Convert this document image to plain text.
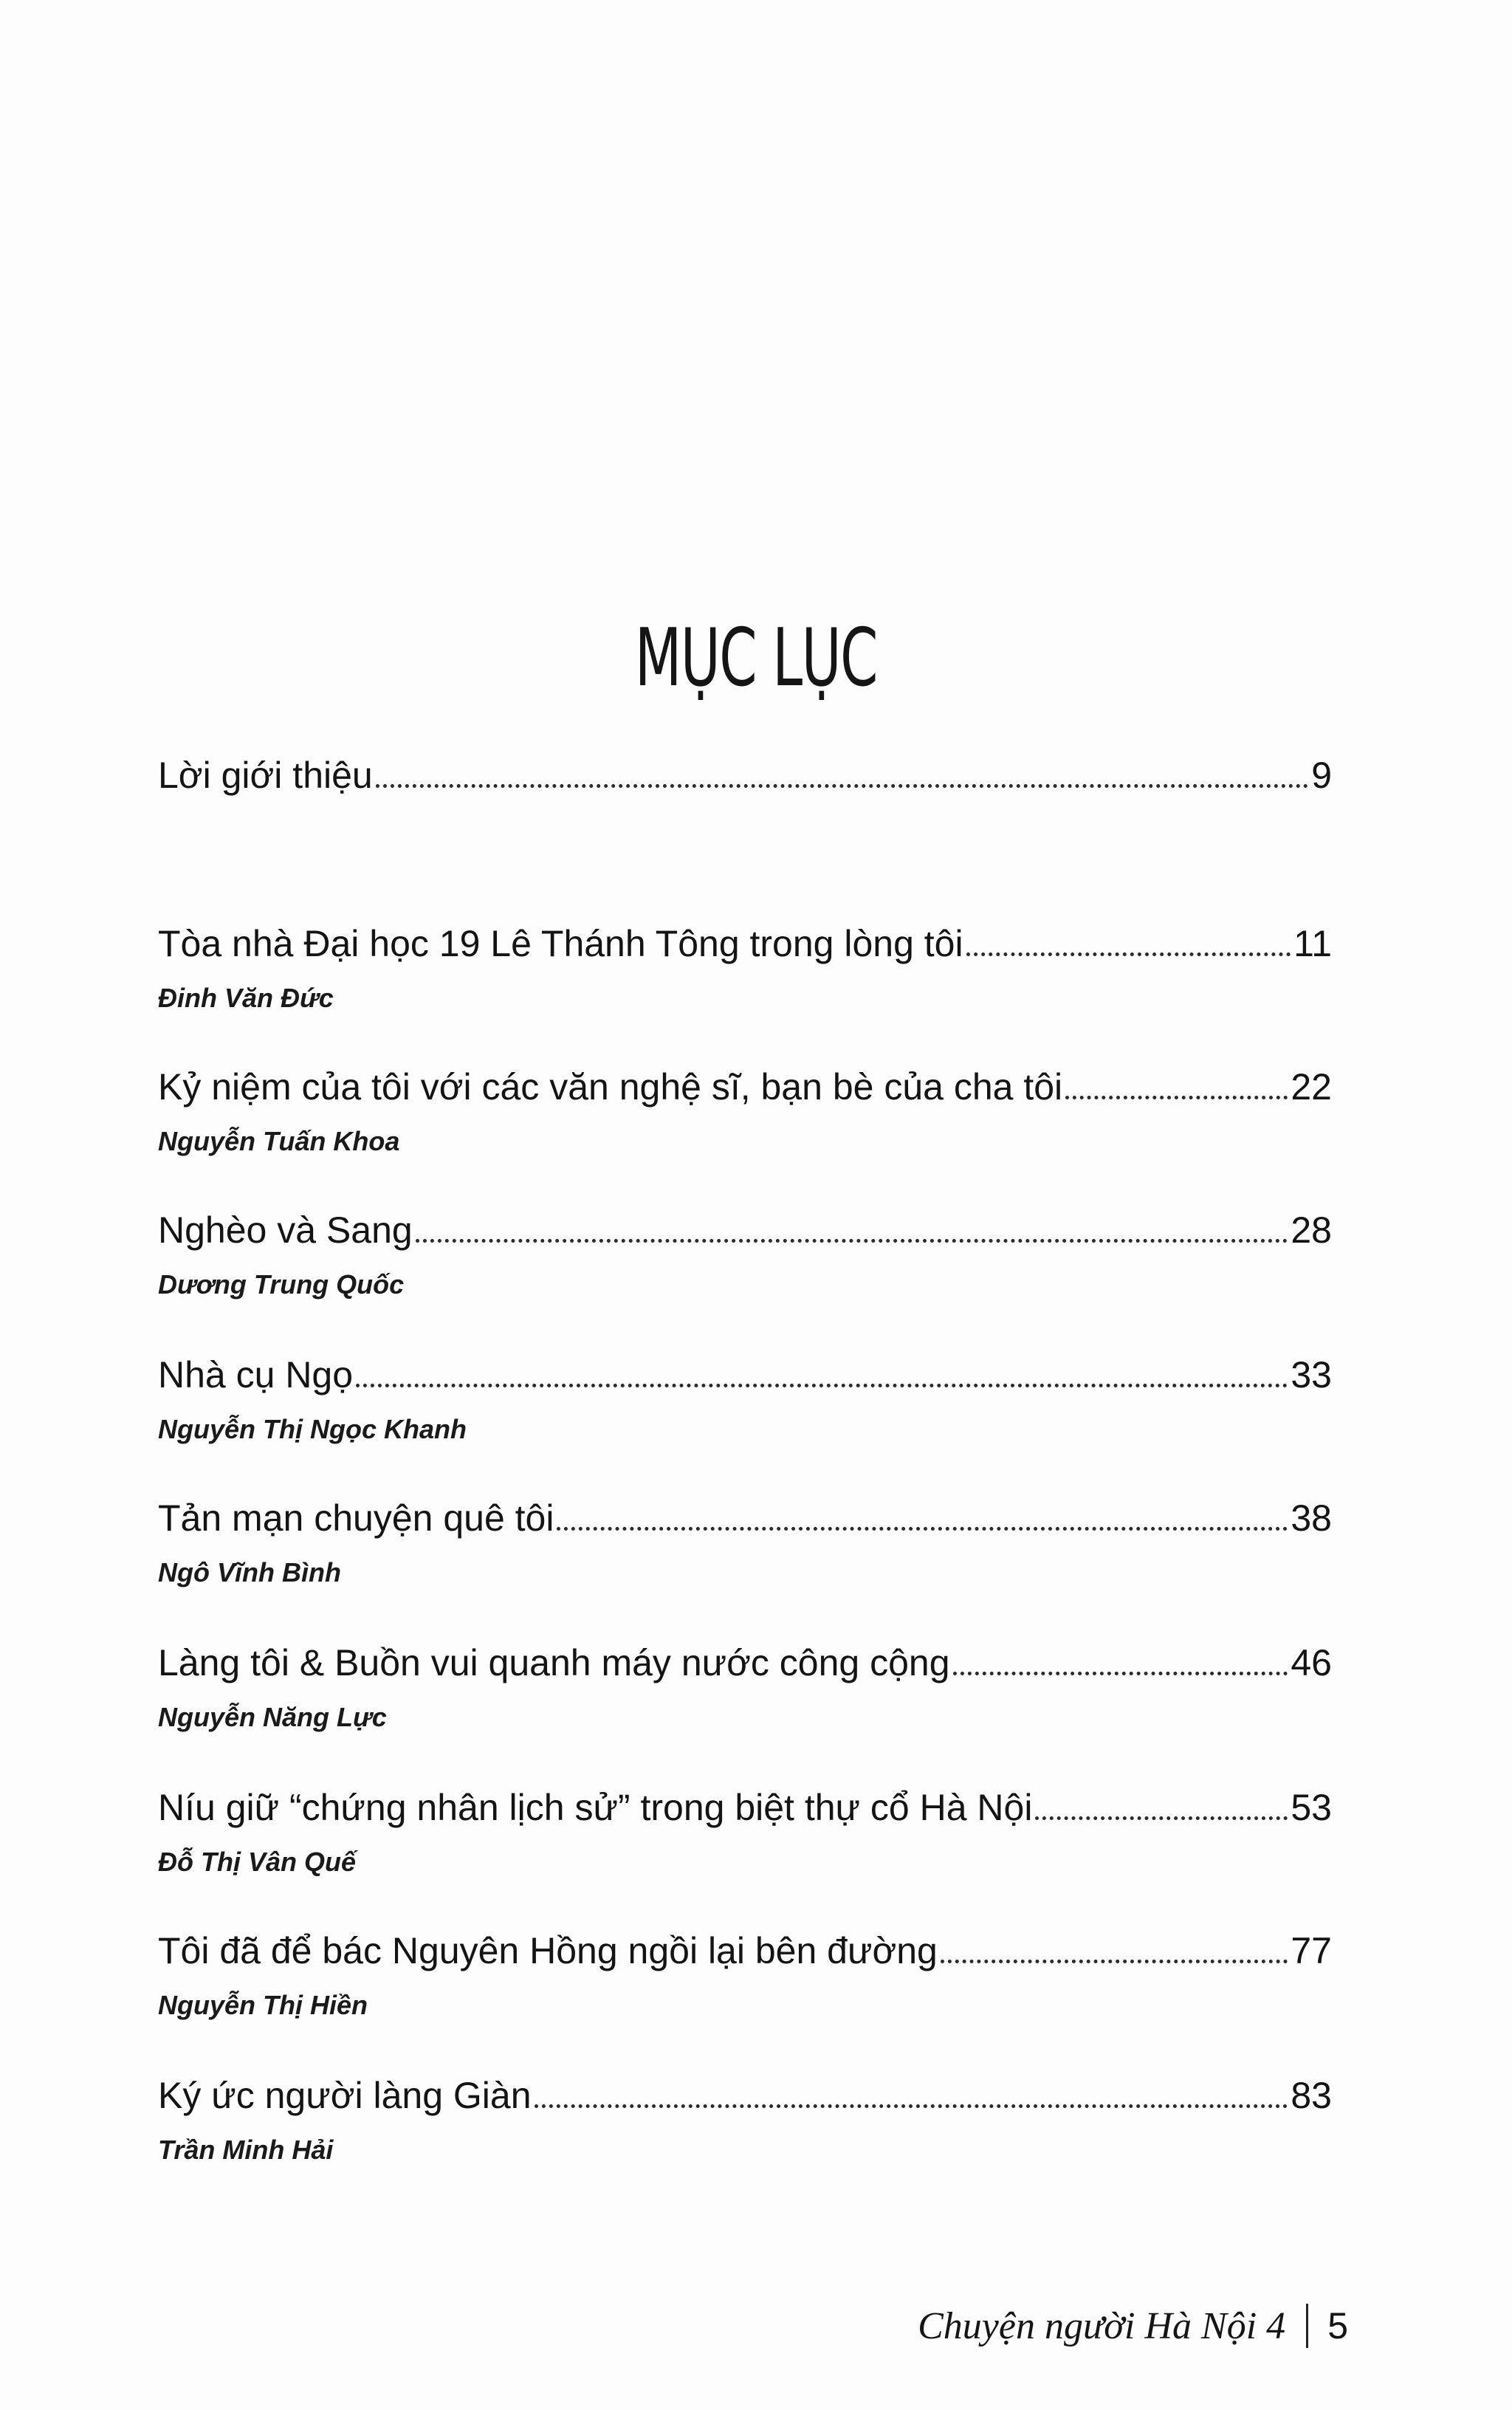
MỤC LỤC
Lời giới thiệu	9
Tòa nhà Đại học 19 Lê Thánh Tông trong lòng tôi	11
Đinh Văn Đức
Kỷ niệm của tôi với các văn nghệ sĩ, bạn bè của cha tôi	22
Nguyễn Tuấn Khoa
Nghèo và Sang	28
Dương Trung Quốc
Nhà cụ Ngọ	33
Nguyễn Thị Ngọc Khanh
Tản mạn chuyện quê tôi	38
Ngô Vĩnh Bình
Làng tôi & Buồn vui quanh máy nước công cộng	46
Nguyễn Năng Lực
Níu giữ “chứng nhân lịch sử” trong biệt thự cổ Hà Nội	53
Đỗ Thị Vân Quế
Tôi đã để bác Nguyên Hồng ngồi lại bên đường	77
Nguyễn Thị Hiền
Ký ức người làng Giàn	83
Trần Minh Hải
Chuyện người Hà Nội 4 5
